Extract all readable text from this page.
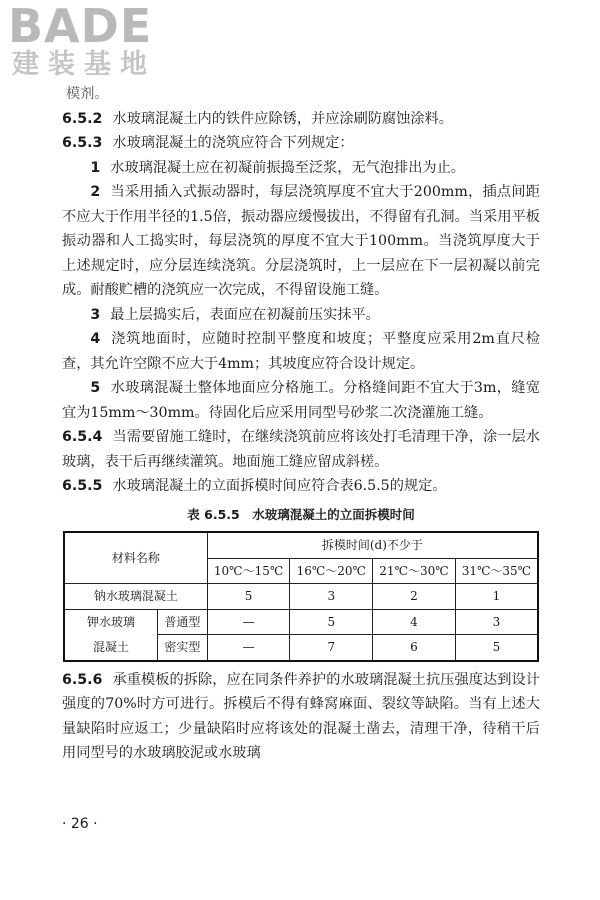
BADE
建装基地
模剂。

6.5.2 水玻璃混凝土内的铁件应除锈，并应涂刷防腐蚀涂料。

6.5.3 水玻璃混凝土的浇筑应符合下列规定：

1 水玻璃混凝土应在初凝前振捣至泛浆，无气泡排出为止。

2 当采用插入式振动器时，每层浇筑厚度不宜大于200mm，插点间距不应大于作用半径的1.5倍，振动器应缓慢拔出，不得留有孔洞。当采用平板振动器和人工捣实时，每层浇筑的厚度不宜大于100mm。当浇筑厚度大于上述规定时，应分层连续浇筑。分层浇筑时，上一层应在下一层初凝以前完成。耐酸贮槽的浇筑应一次完成，不得留设施工缝。

3 最上层捣实后，表面应在初凝前压实抹平。

4 浇筑地面时，应随时控制平整度和坡度；平整度应采用2m直尺检查，其允许空隙不应大于4mm；其坡度应符合设计规定。

5 水玻璃混凝土整体地面应分格施工。分格缝间距不宜大于3m，缝宽宜为15mm～30mm。待固化后应采用同型号砂浆二次浇灌施工缝。

6.5.4 当需要留施工缝时，在继续浇筑前应将该处打毛清理干净，涂一层水玻璃，表干后再继续灌筑。地面施工缝应留成斜槎。

6.5.5 水玻璃混凝土的立面拆模时间应符合表6.5.5的规定。

表 6.5.5　水玻璃混凝土的立面拆模时间
材料名称		拆模时间(d)不少于			
		10℃～15℃	16℃～20℃	21℃～30℃	31℃～35℃
钠水玻璃混凝土		5	3	2	1

钾水玻璃
混凝土	普通型	—	5	4	3
	密实型	—	7	6	5

6.5.6 承重模板的拆除，应在同条件养护的水玻璃混凝土抗压强度达到设计强度的70%时方可进行。拆模后不得有蜂窝麻面、裂纹等缺陷。当有上述大量缺陷时应返工；少量缺陷时应将该处的混凝土凿去，清理干净，待稍干后用同型号的水玻璃胶泥或水玻璃

· 26 ·
